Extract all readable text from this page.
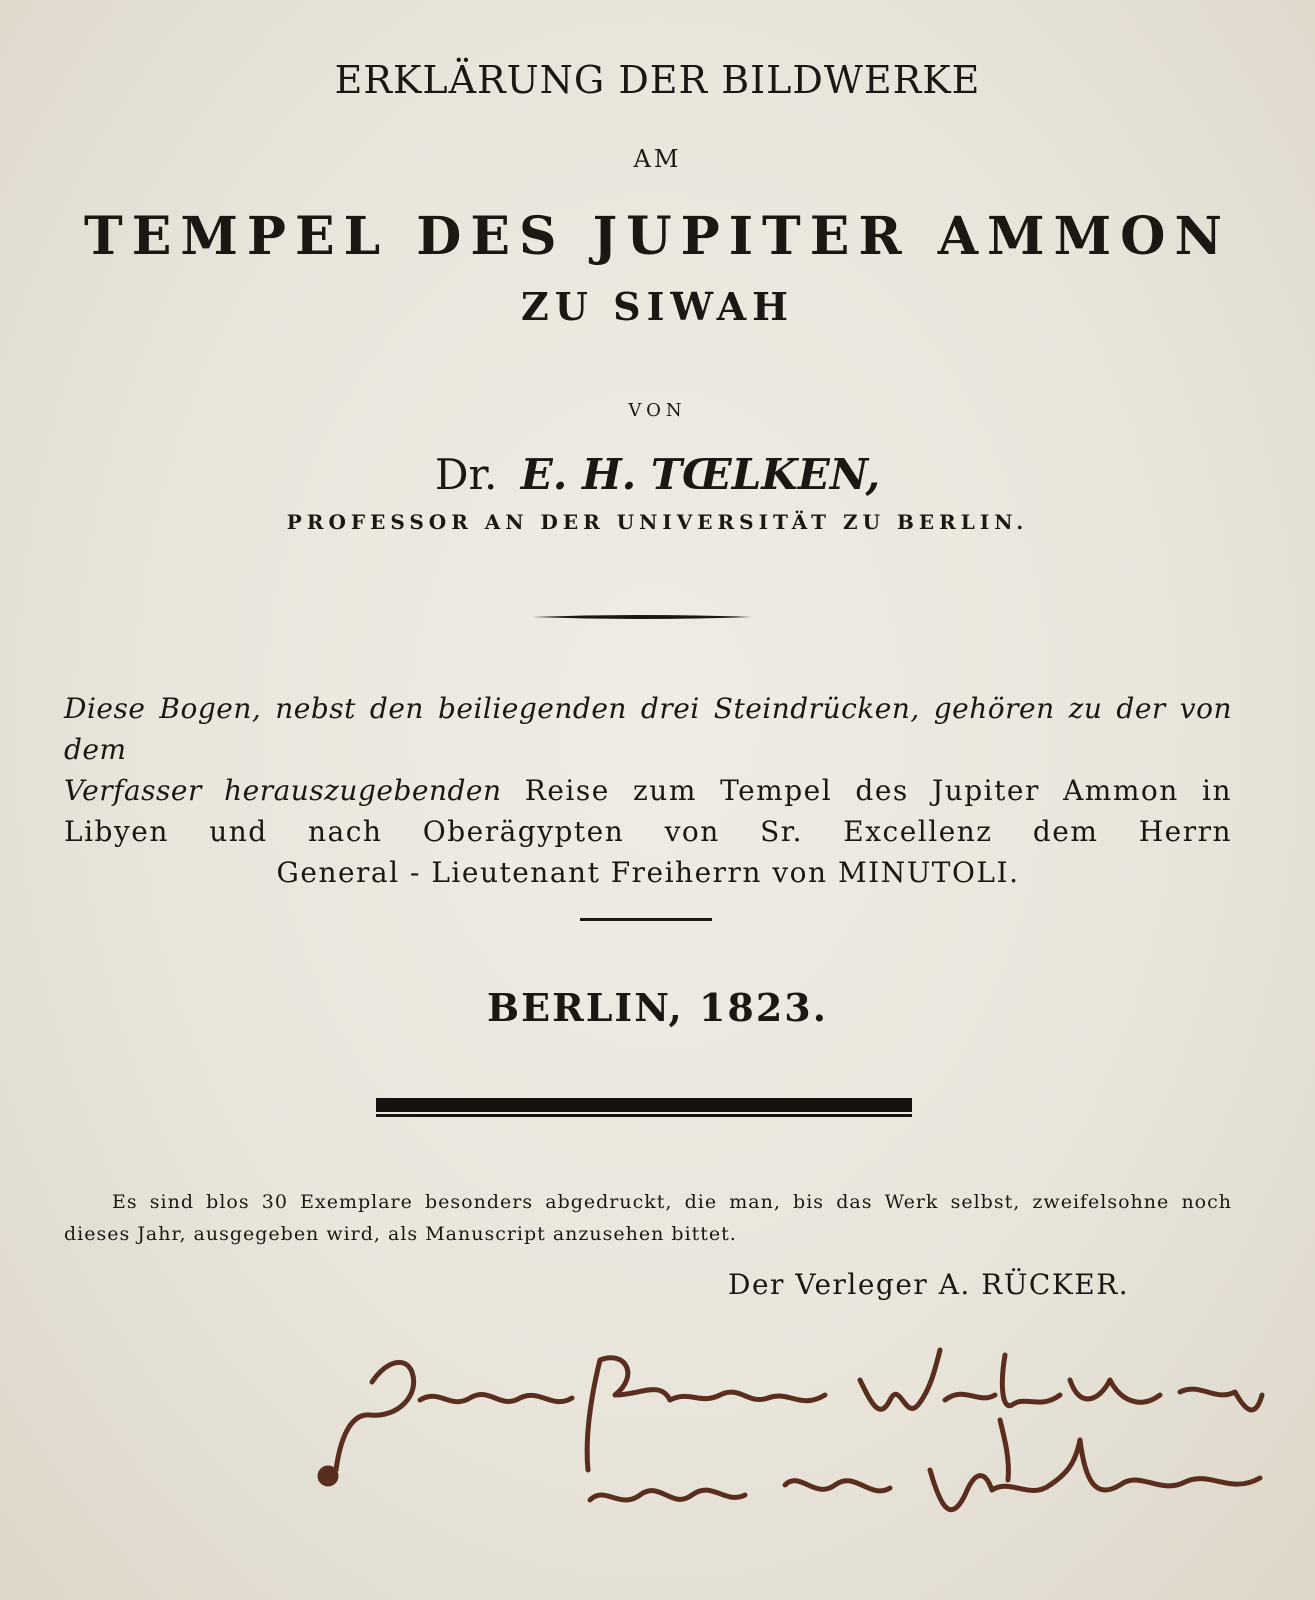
ERKLÄRUNG DER BILDWERKE
AM
TEMPEL DES JUPITER AMMON
ZU SIWAH
VON
Dr. E. H. TŒLKEN,
PROFESSOR AN DER UNIVERSITÄT ZU BERLIN.
Diese Bogen, nebst den beiliegenden drei Steindrücken, gehören zu der von dem
Verfasser herauszugebenden Reise zum Tempel des Jupiter Ammon in
Libyen und nach Oberägypten von Sr. Excellenz dem Herrn
General - Lieutenant Freiherrn von MINUTOLI.
BERLIN, 1823.
Es sind blos 30 Exemplare besonders abgedruckt, die man, bis das Werk selbst, zweifelsohne noch
dieses Jahr, ausgegeben wird, als Manuscript anzusehen bittet.
Der Verleger A. RÜCKER.
